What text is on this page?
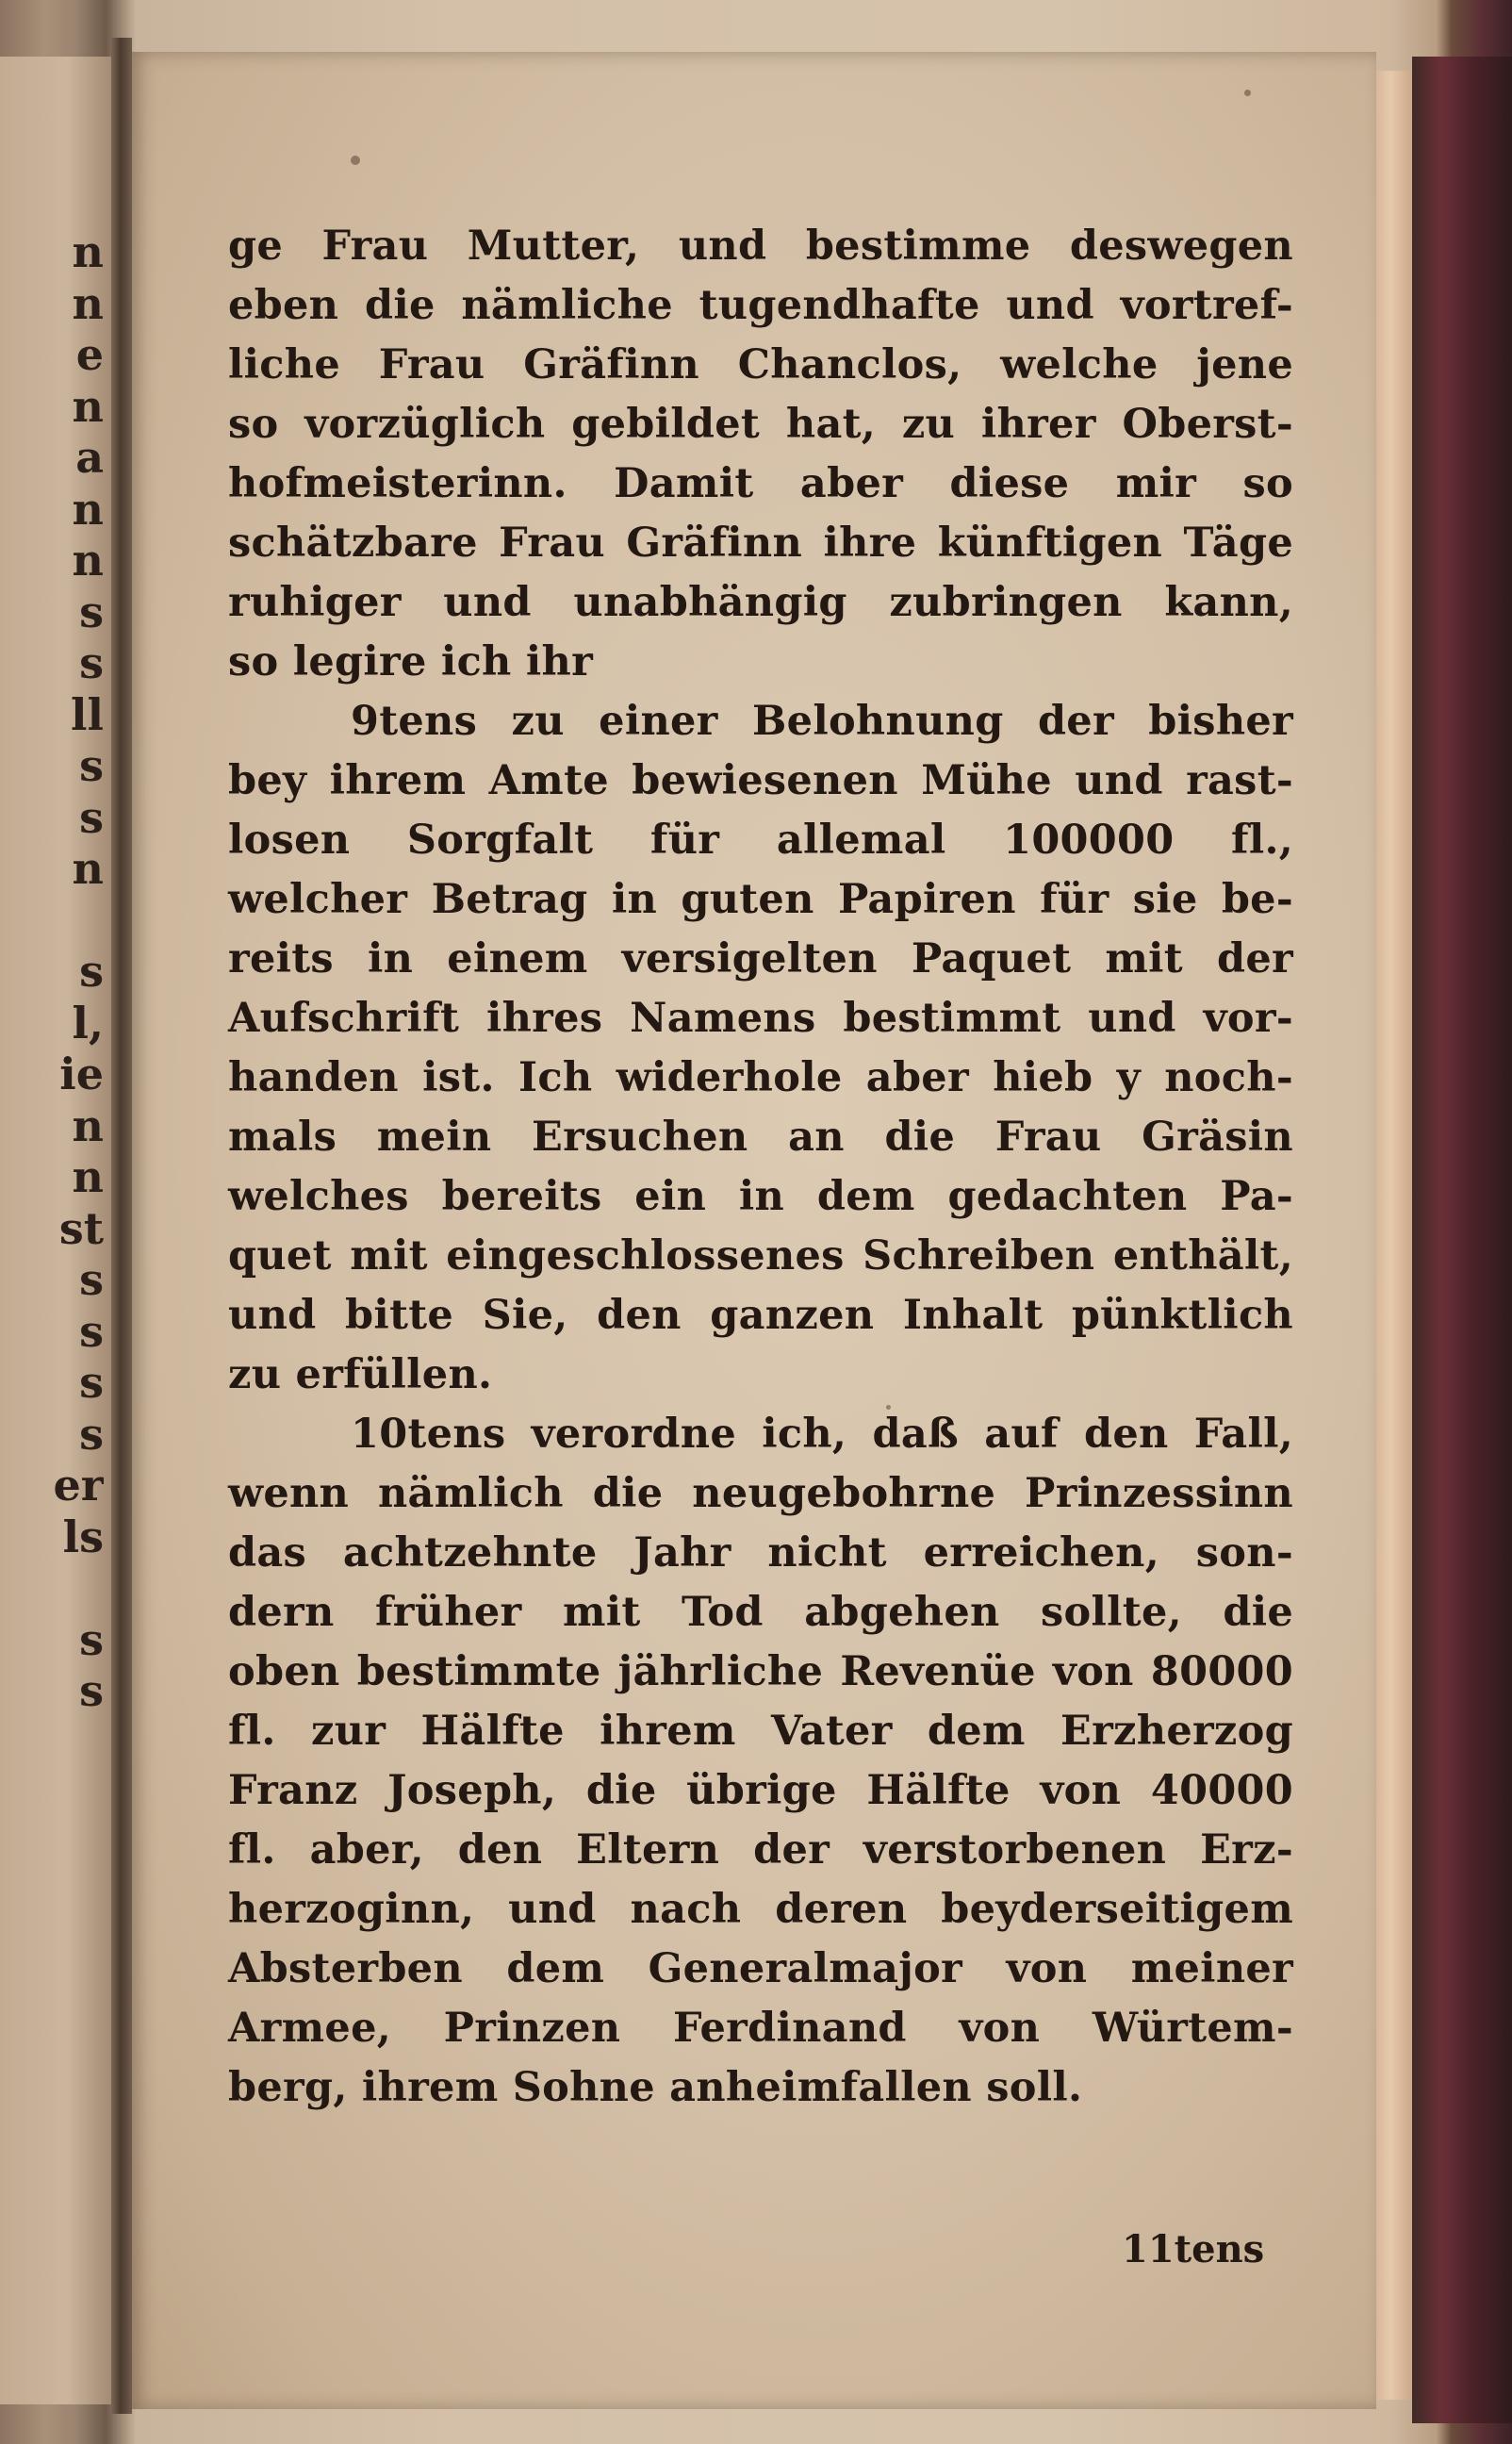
n
n
e
n
a
n
n
s
s
ll
s
s
n
s
l,
ie
n
n
st
s
s
s
s
er
ls
s
s
ge Frau Mutter, und bestimme deswegen
eben die nämliche tugendhafte und vortref-
liche Frau Gräfinn Chanclos, welche jene
so vorzüglich gebildet hat, zu ihrer Oberst-
hofmeisterinn. Damit aber diese mir so
schätzbare Frau Gräfinn ihre künftigen Täge
ruhiger und unabhängig zubringen kann,
so legire ich ihr
9tens zu einer Belohnung der bisher
bey ihrem Amte bewiesenen Mühe und rast-
losen Sorgfalt für allemal 100000 fl.,
welcher Betrag in guten Papiren für sie be-
reits in einem versigelten Paquet mit der
Aufschrift ihres Namens bestimmt und vor-
handen ist. Ich widerhole aber hieb y noch-
mals mein Ersuchen an die Frau Gräsin
welches bereits ein in dem gedachten Pa-
quet mit eingeschlossenes Schreiben enthält,
und bitte Sie, den ganzen Inhalt pünktlich
zu erfüllen.
10tens verordne ich, daß auf den Fall,
wenn nämlich die neugebohrne Prinzessinn
das achtzehnte Jahr nicht erreichen, son-
dern früher mit Tod abgehen sollte, die
oben bestimmte jährliche Revenüe von 80000
fl. zur Hälfte ihrem Vater dem Erzherzog
Franz Joseph, die übrige Hälfte von 40000
fl. aber, den Eltern der verstorbenen Erz-
herzoginn, und nach deren beyderseitigem
Absterben dem Generalmajor von meiner
Armee, Prinzen Ferdinand von Würtem-
berg, ihrem Sohne anheimfallen soll.
11tens
